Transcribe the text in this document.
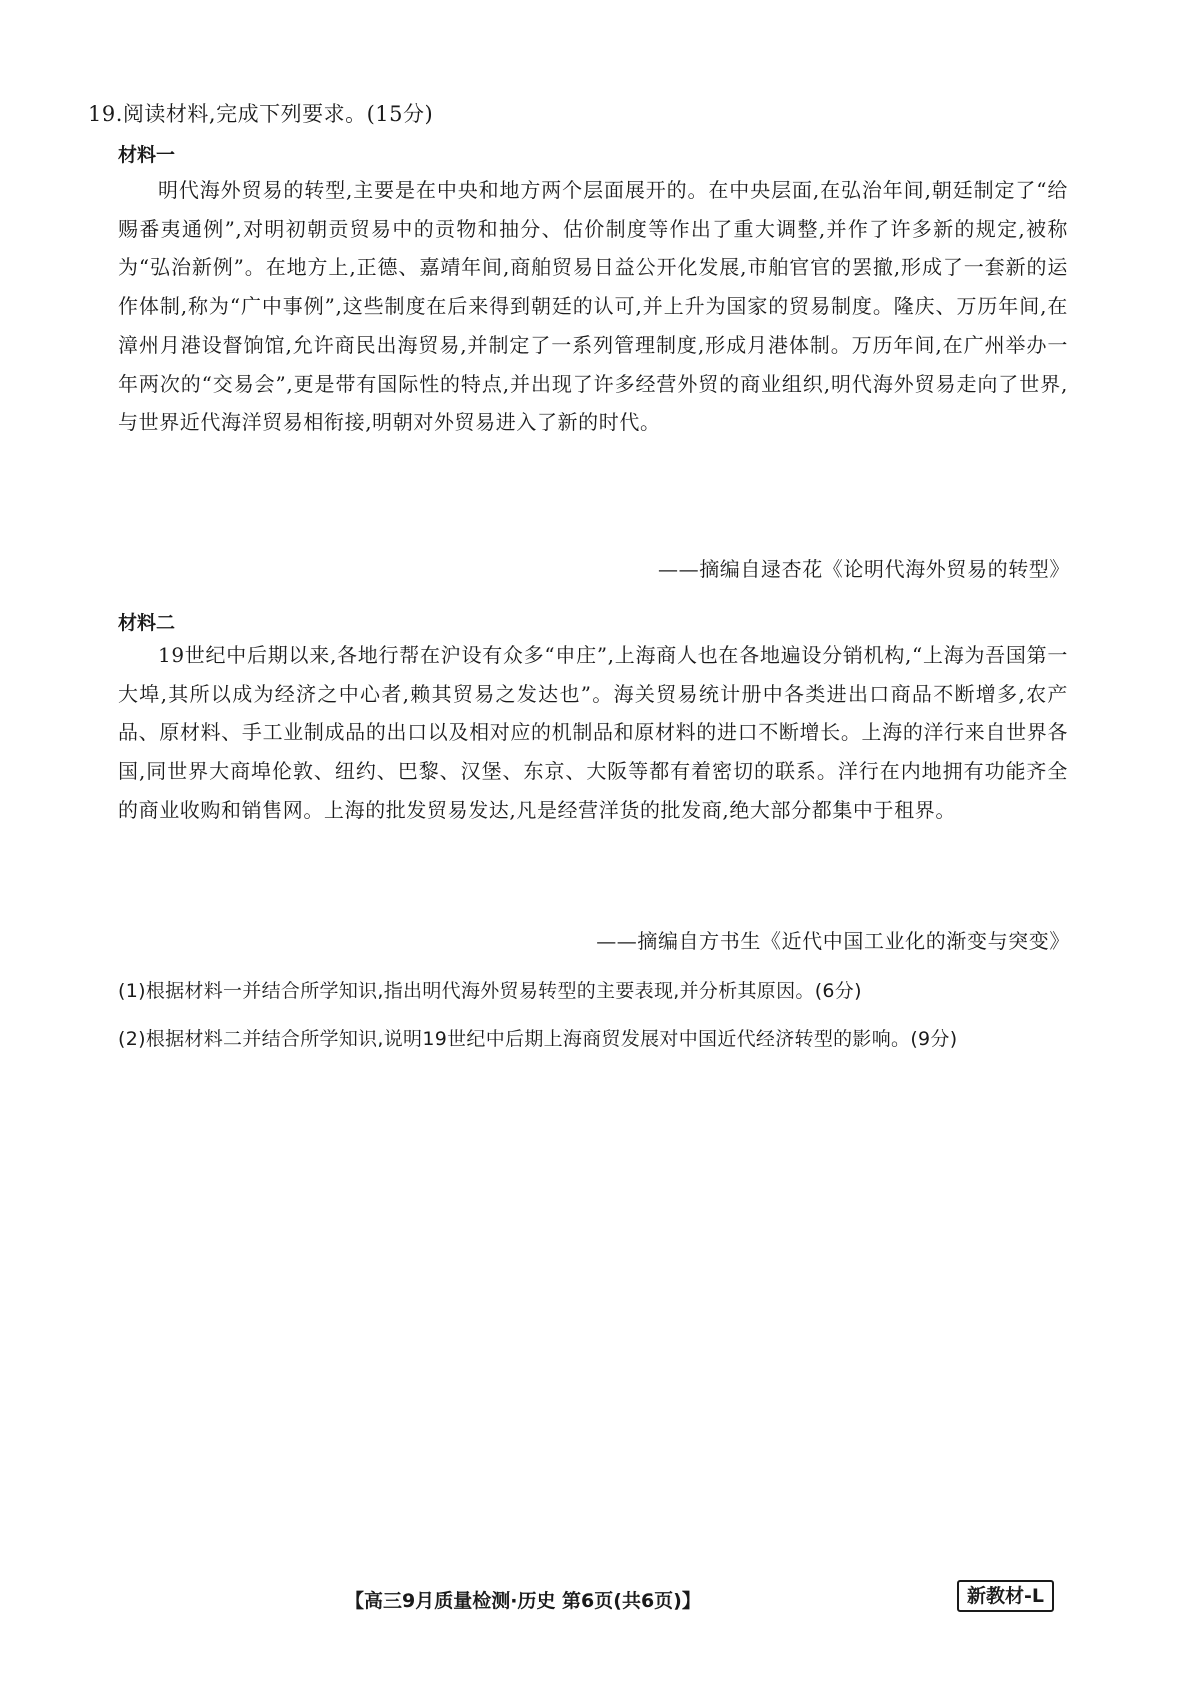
19.阅读材料,完成下列要求。(15分)
材料一

明代海外贸易的转型,主要是在中央和地方两个层面展开的。在中央层面,在弘治年间,朝廷制定了“给赐番夷通例”,对明初朝贡贸易中的贡物和抽分、估价制度等作出了重大调整,并作了许多新的规定,被称为“弘治新例”。在地方上,正德、嘉靖年间,商舶贸易日益公开化发展,市舶官官的罢撤,形成了一套新的运作体制,称为“广中事例”,这些制度在后来得到朝廷的认可,并上升为国家的贸易制度。隆庆、万历年间,在漳州月港设督饷馆,允许商民出海贸易,并制定了一系列管理制度,形成月港体制。万历年间,在广州举办一年两次的“交易会”,更是带有国际性的特点,并出现了许多经营外贸的商业组织,明代海外贸易走向了世界,与世界近代海洋贸易相衔接,明朝对外贸易进入了新的时代。

——摘编自逯杏花《论明代海外贸易的转型》
材料二

19世纪中后期以来,各地行帮在沪设有众多“申庄”,上海商人也在各地遍设分销机构,“上海为吾国第一大埠,其所以成为经济之中心者,赖其贸易之发达也”。海关贸易统计册中各类进出口商品不断增多,农产品、原材料、手工业制成品的出口以及相对应的机制品和原材料的进口不断增长。上海的洋行来自世界各国,同世界大商埠伦敦、纽约、巴黎、汉堡、东京、大阪等都有着密切的联系。洋行在内地拥有功能齐全的商业收购和销售网。上海的批发贸易发达,凡是经营洋货的批发商,绝大部分都集中于租界。

——摘编自方书生《近代中国工业化的渐变与突变》
(1)根据材料一并结合所学知识,指出明代海外贸易转型的主要表现,并分析其原因。(6分)
(2)根据材料二并结合所学知识,说明19世纪中后期上海商贸发展对中国近代经济转型的影响。(9分)
【高三9月质量检测·历史 第6页(共6页)】	新教材-L
